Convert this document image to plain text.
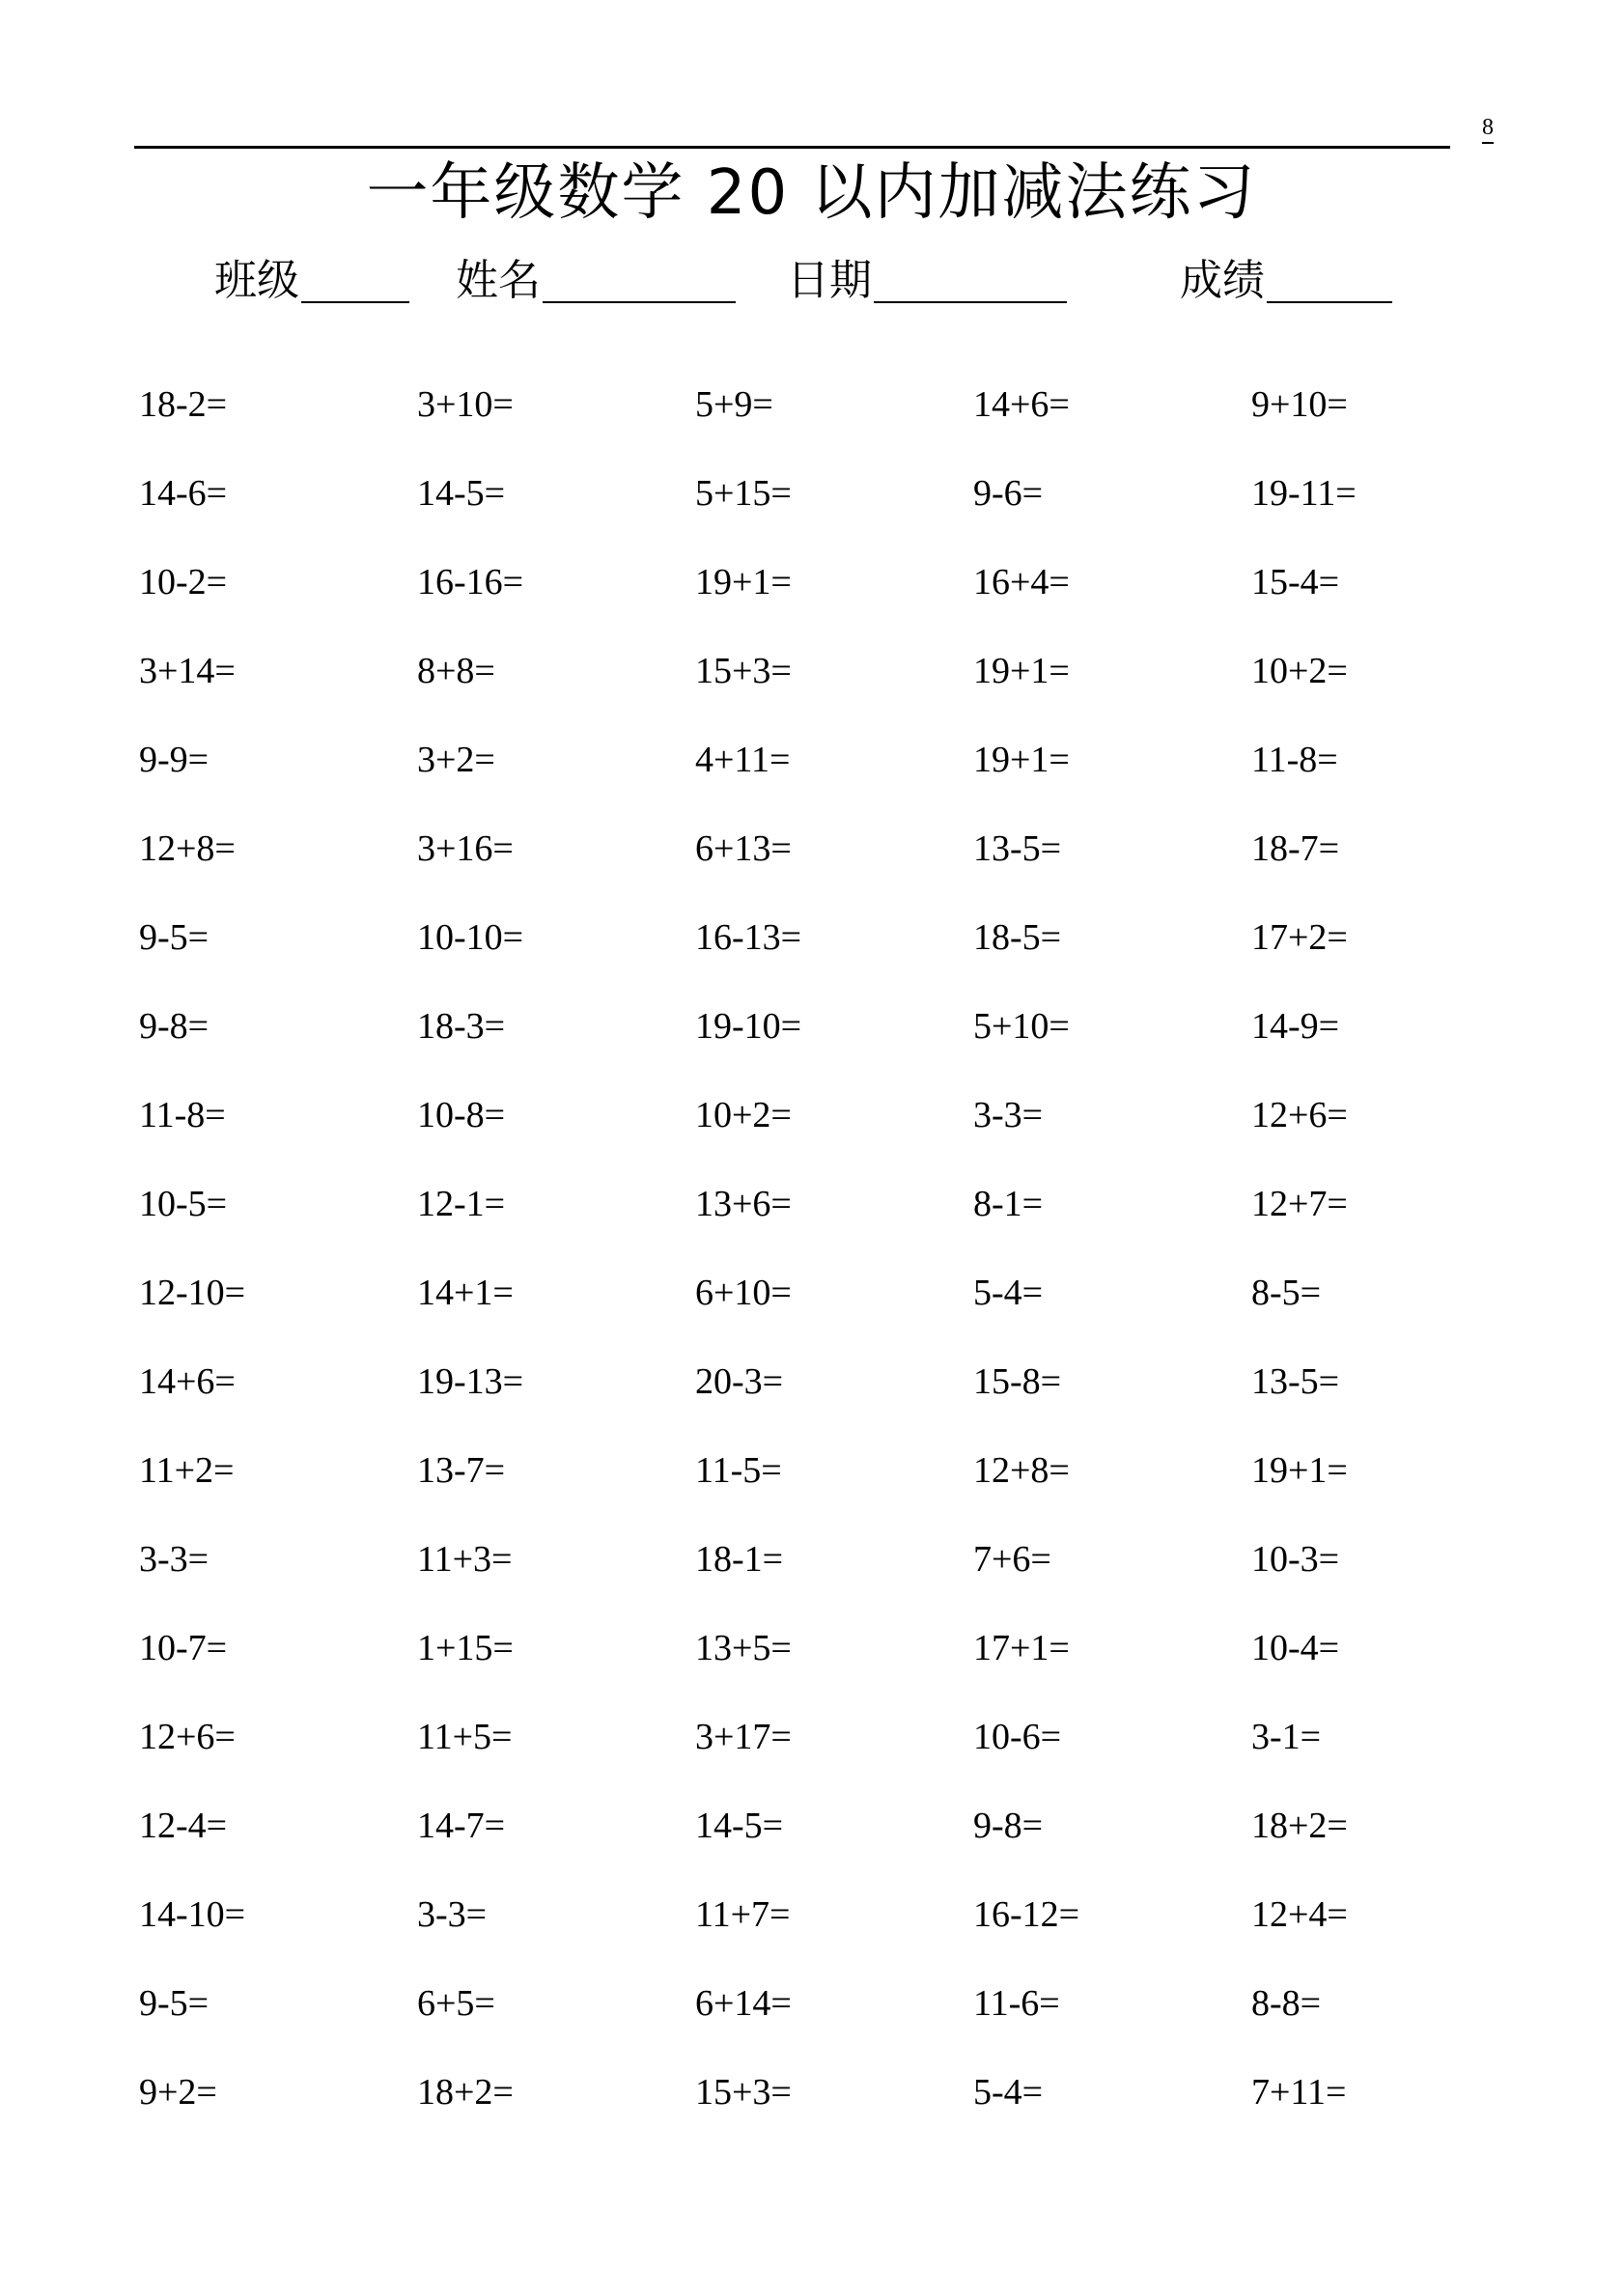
8
一年级数学 20 以内加减法练习
班级	姓名	日期	成绩
18-2=	3+10=	5+9=	14+6=	9+10=
14-6=	14-5=	5+15=	9-6=	19-11=
10-2=	16-16=	19+1=	16+4=	15-4=
3+14=	8+8=	15+3=	19+1=	10+2=
9-9=	3+2=	4+11=	19+1=	11-8=
12+8=	3+16=	6+13=	13-5=	18-7=
9-5=	10-10=	16-13=	18-5=	17+2=
9-8=	18-3=	19-10=	5+10=	14-9=
11-8=	10-8=	10+2=	3-3=	12+6=
10-5=	12-1=	13+6=	8-1=	12+7=
12-10=	14+1=	6+10=	5-4=	8-5=
14+6=	19-13=	20-3=	15-8=	13-5=
11+2=	13-7=	11-5=	12+8=	19+1=
3-3=	11+3=	18-1=	7+6=	10-3=
10-7=	1+15=	13+5=	17+1=	10-4=
12+6=	11+5=	3+17=	10-6=	3-1=
12-4=	14-7=	14-5=	9-8=	18+2=
14-10=	3-3=	11+7=	16-12=	12+4=
9-5=	6+5=	6+14=	11-6=	8-8=
9+2=	18+2=	15+3=	5-4=	7+11=
